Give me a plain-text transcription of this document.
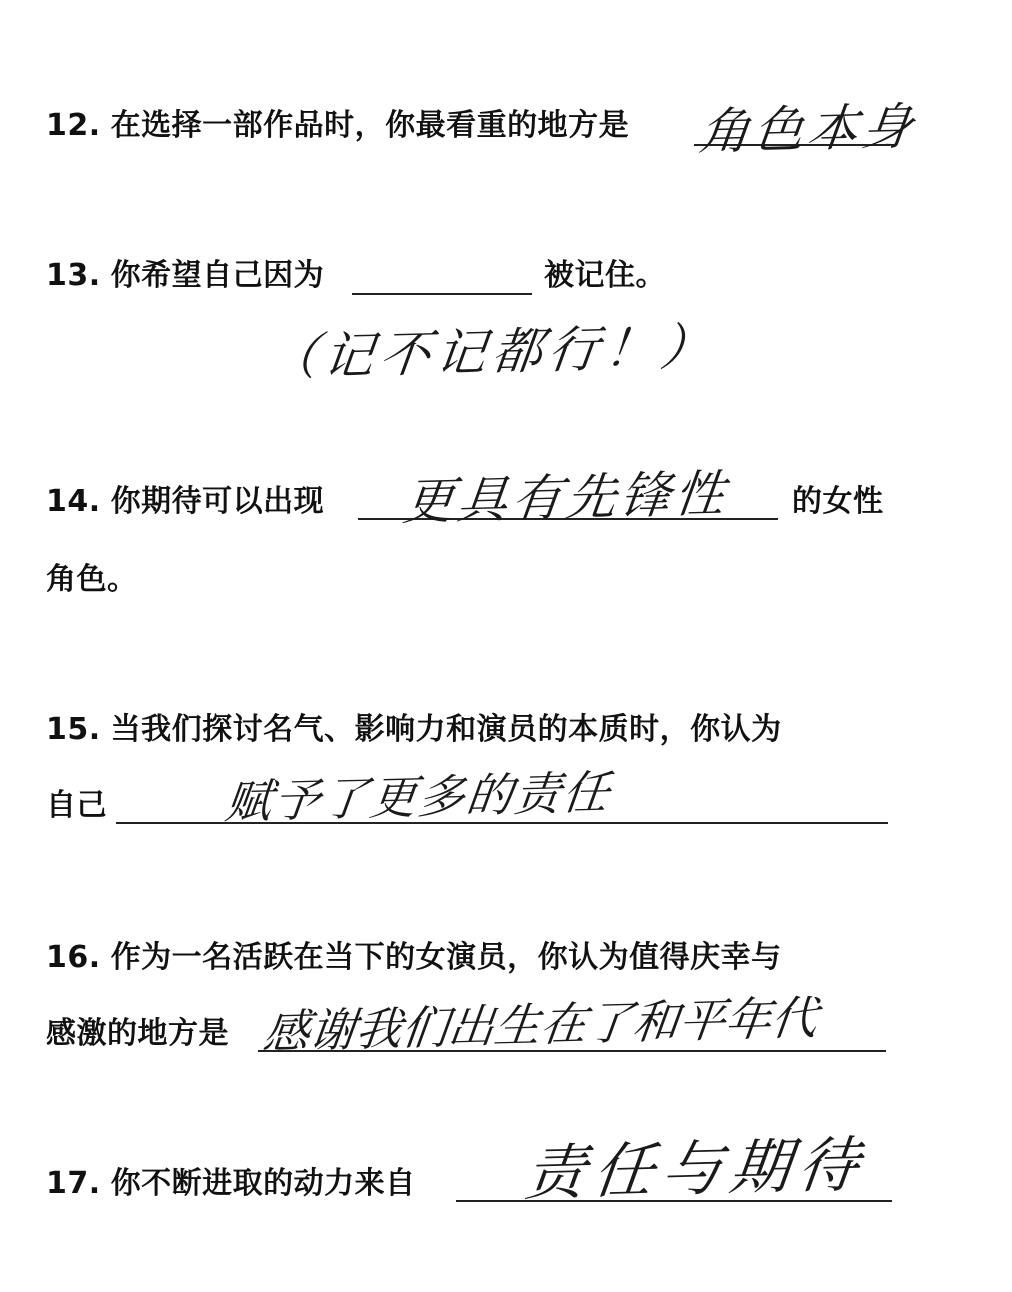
12. 在选择一部作品时，你最看重的地方是 角色本身
13. 你希望自己因为	被记住。
（记不记都行！）
14. 你期待可以出现	的女性
角色。
更具有先锋性
15. 当我们探讨名气、影响力和演员的本质时，你认为
自己	赋予了更多的责任
16. 作为一名活跃在当下的女演员，你认为值得庆幸与
感激的地方是 感谢我们出生在了和平年代
17. 你不断进取的动力来自 责任与期待
